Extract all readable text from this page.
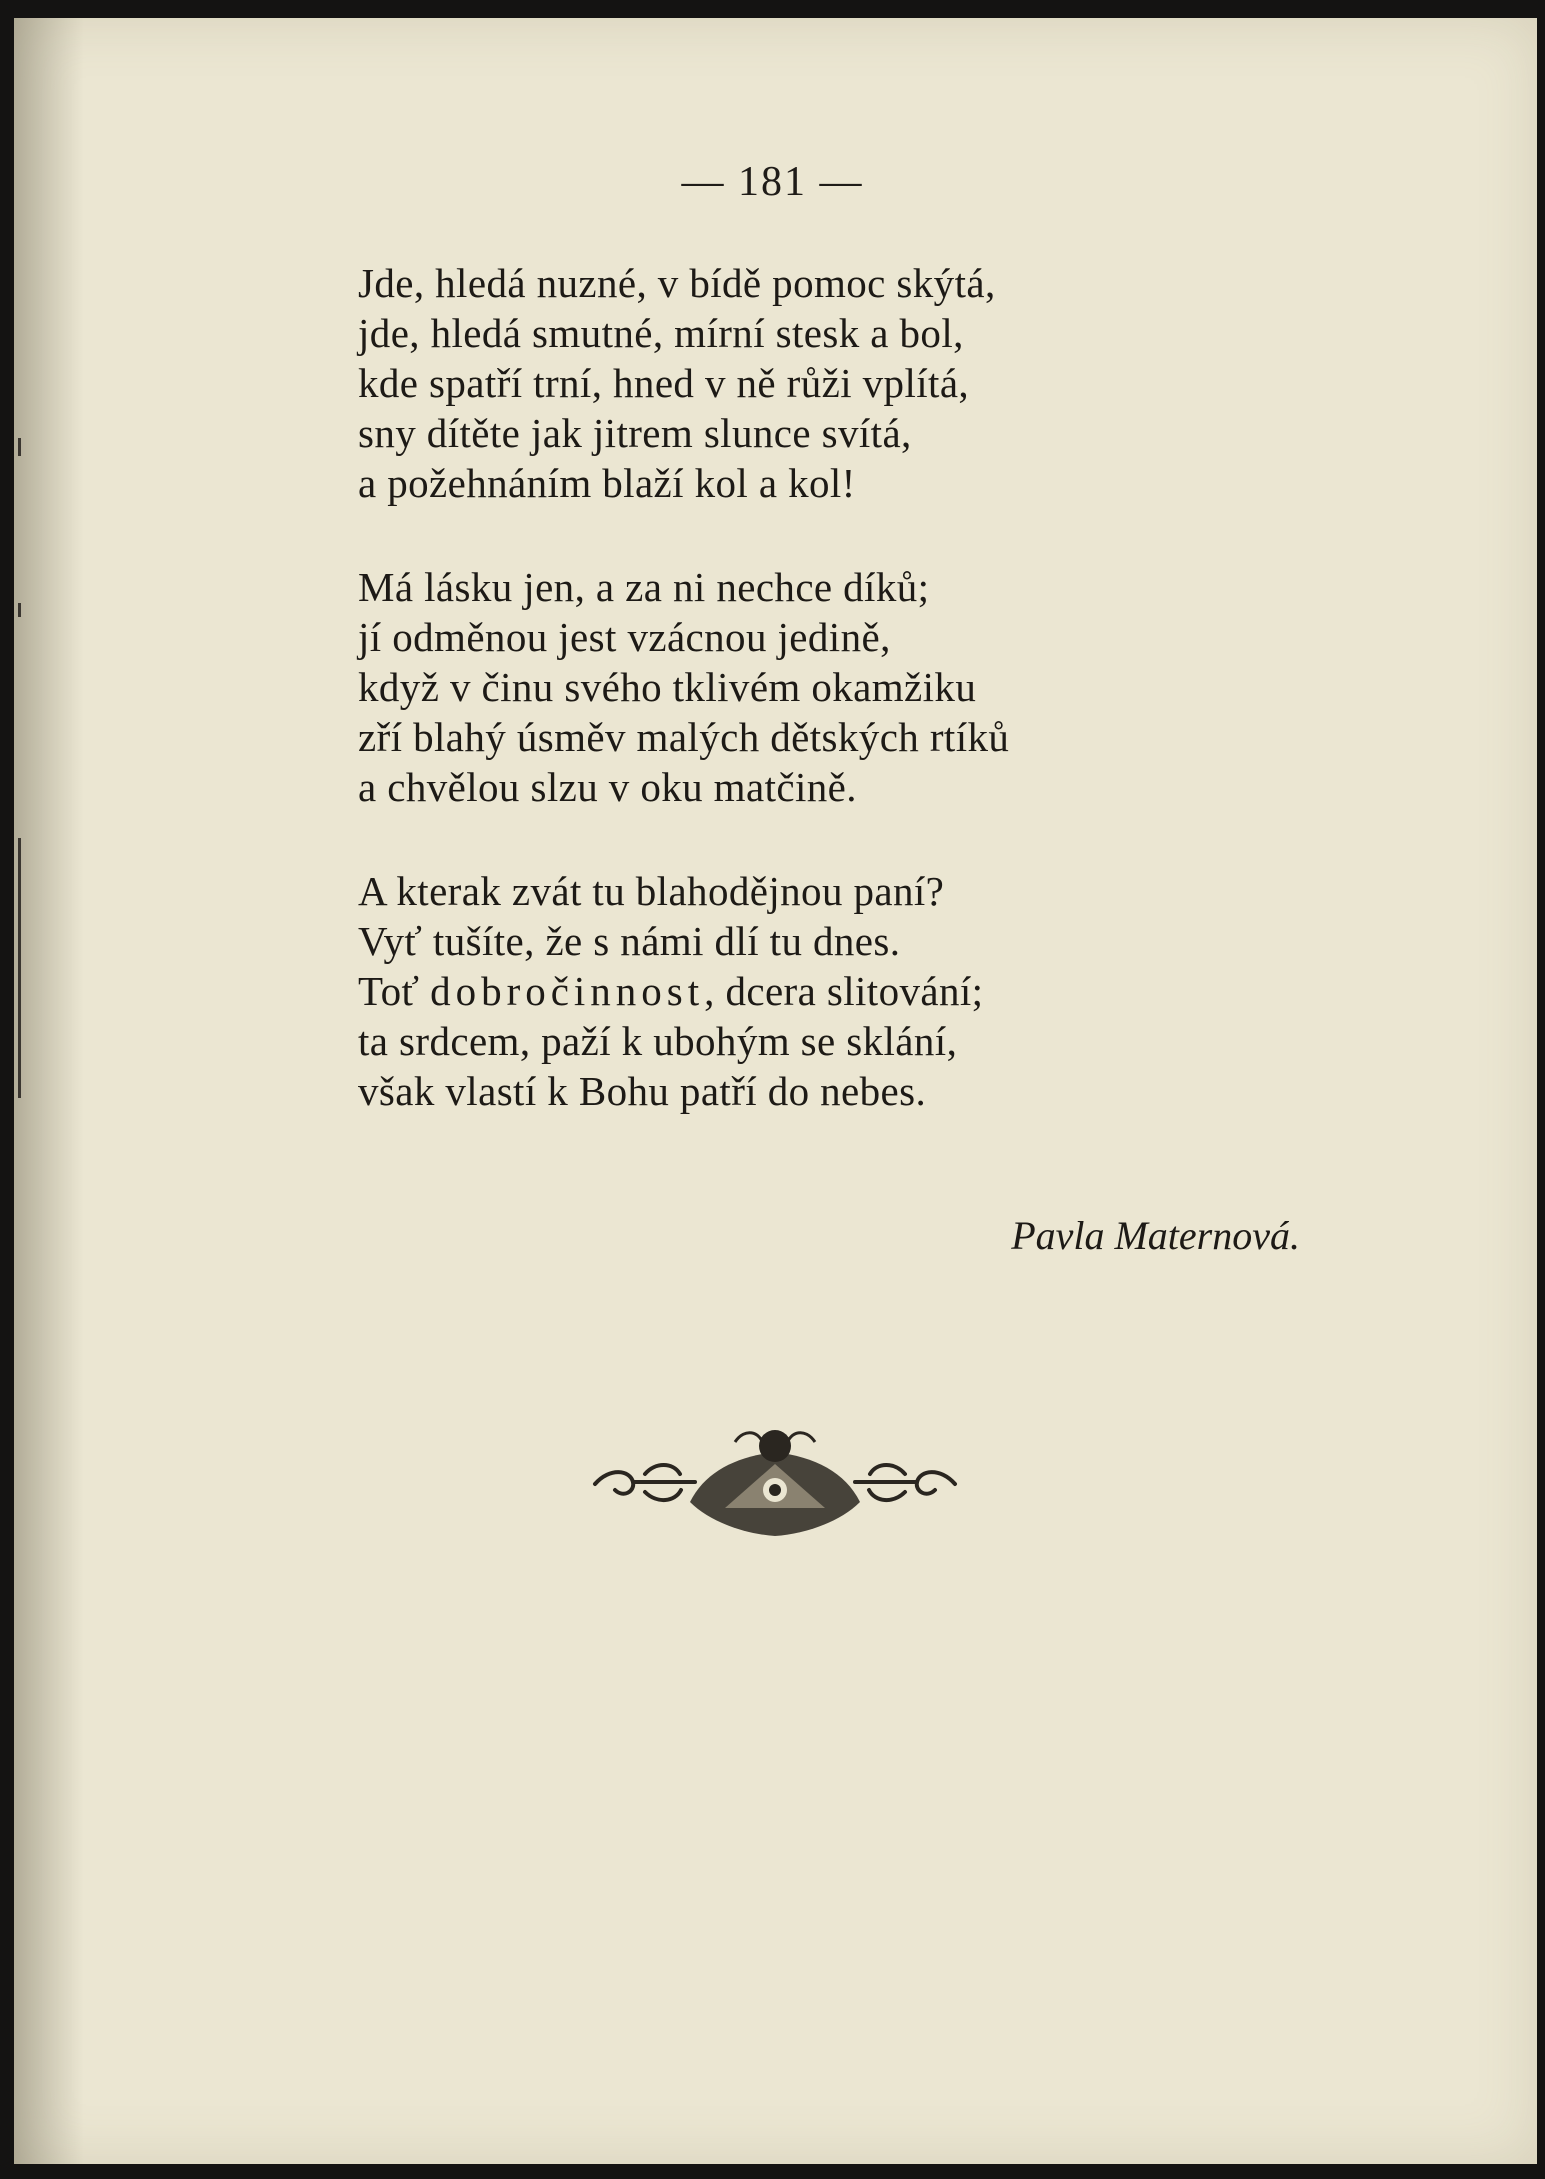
— 181 —

Jde, hledá nuzné, v bídě pomoc skýtá,
jde, hledá smutné, mírní stesk a bol,
kde spatří trní, hned v ně růži vplítá,
sny dítěte jak jitrem slunce svítá,
a požehnáním blaží kol a kol!
Má lásku jen, a za ni nechce díků;
jí odměnou jest vzácnou jedině,
když v činu svého tklivém okamžiku
zří blahý úsměv malých dětských rtíků
a chvělou slzu v oku matčině.
A kterak zvát tu blahodějnou paní?
Vyť tušíte, že s námi dlí tu dnes.
Toť dobročinnost, dcera slitování;
ta srdcem, paží k ubohým se sklání,
však vlastí k Bohu patří do nebes.

Pavla Maternová.
